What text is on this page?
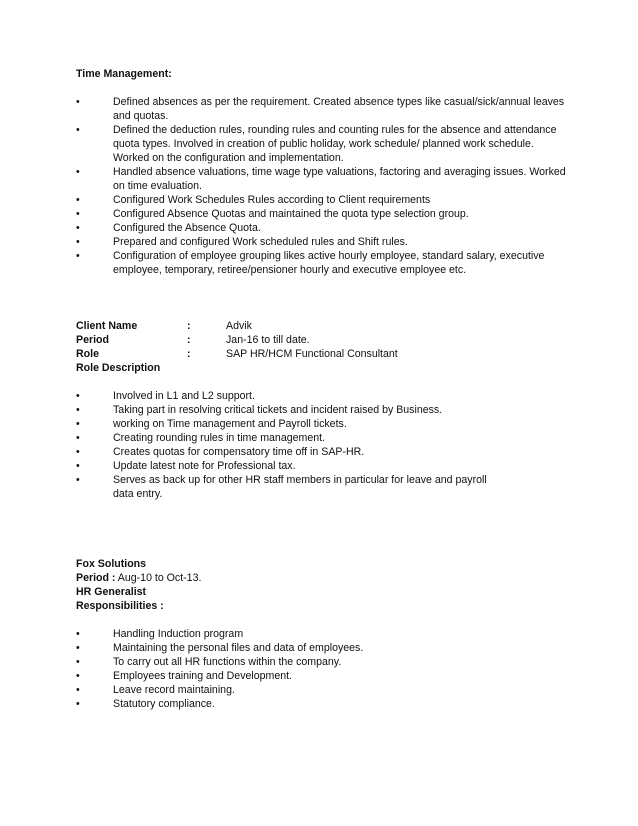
Time Management:
•	Defined absences as per the requirement. Created absence types like casual/sick/annual leaves and quotas.
•	Defined the deduction rules, rounding rules and counting rules for the absence and attendance quota types. Involved in creation of public holiday, work schedule/ planned work schedule. Worked on the configuration and implementation.
•	Handled absence valuations, time wage type valuations, factoring and averaging issues. Worked on time evaluation.
•	Configured Work Schedules Rules according to Client requirements
•	Configured Absence Quotas and maintained the quota type selection group.
•	Configured the Absence Quota.
•	Prepared and configured Work scheduled rules and Shift rules.
•	Configuration of employee grouping likes active hourly employee, standard salary, executive employee, temporary, retiree/pensioner hourly and executive employee etc.
Client Name	:	Advik
Period	:	Jan-16 to till date.
Role	:	SAP HR/HCM Functional Consultant
Role Description
•	Involved in L1 and L2 support.
•	Taking part in resolving critical tickets and incident raised by Business.
•	working on Time management and Payroll tickets.
•	Creating rounding rules in time management.
•	Creates quotas for compensatory time off in SAP-HR.
•	Update latest note for Professional tax.
•	Serves as back up for other HR staff members in particular for leave and payroll data entry.
Fox Solutions
Period : Aug-10 to Oct-13.
HR Generalist
Responsibilities :
•	Handling Induction program
•	Maintaining the personal files and data of employees.
•	To carry out all HR functions within the company.
•	Employees training and Development.
•	Leave record maintaining.
•	Statutory compliance.
